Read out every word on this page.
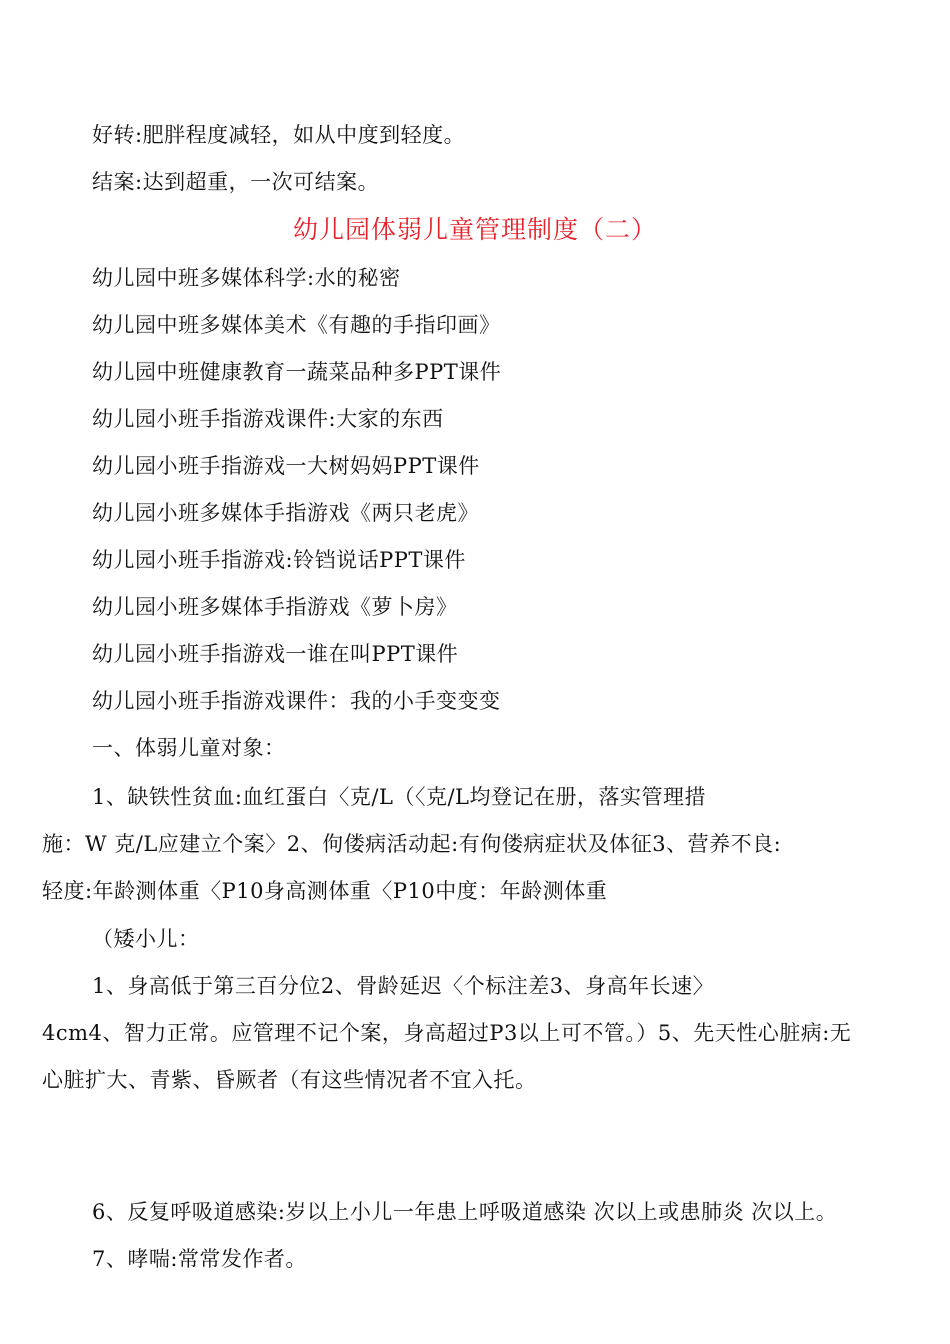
好转:肥胖程度减轻，如从中度到轻度。
结案:达到超重，一次可结案。
幼儿园体弱儿童管理制度（二）
幼儿园中班多媒体科学:水的秘密
幼儿园中班多媒体美术《有趣的手指印画》
幼儿园中班健康教育一蔬菜品种多PPT课件
幼儿园小班手指游戏课件:大家的东西
幼儿园小班手指游戏一大树妈妈PPT课件
幼儿园小班多媒体手指游戏《两只老虎》
幼儿园小班手指游戏:铃铛说话PPT课件
幼儿园小班多媒体手指游戏《萝卜房》
幼儿园小班手指游戏一谁在叫PPT课件
幼儿园小班手指游戏课件：我的小手变变变
一、体弱儿童对象：
1、缺铁性贫血:血红蛋白〈克/L（〈克/L均登记在册，落实管理措
施：W 克/L应建立个案〉2、佝偻病活动起:有佝偻病症状及体征3、营养不良:
轻度:年龄测体重〈P10身高测体重〈P10中度：年龄测体重
（矮小儿：
1、身高低于第三百分位2、骨龄延迟〈个标注差3、身高年长速〉
4cm4、智力正常。应管理不记个案，身高超过P3以上可不管。）5、先天性心脏病:无
心脏扩大、青紫、昏厥者（有这些情况者不宜入托。
6、反复呼吸道感染:岁以上小儿一年患上呼吸道感染 次以上或患肺炎 次以上。
7、哮喘:常常发作者。
